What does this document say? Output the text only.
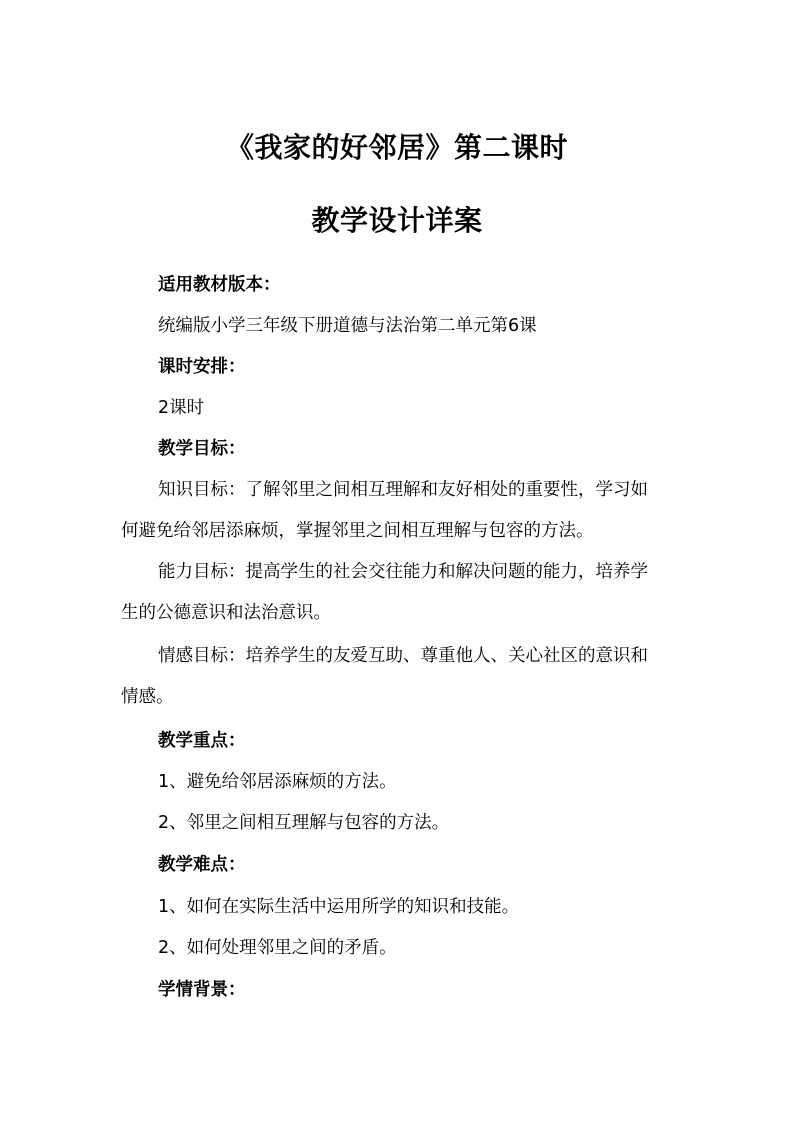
《我家的好邻居》第二课时
教学设计详案
适用教材版本：
统编版小学三年级下册道德与法治第二单元第6课
课时安排：
2课时
教学目标：
知识目标：了解邻里之间相互理解和友好相处的重要性，学习如
何避免给邻居添麻烦，掌握邻里之间相互理解与包容的方法。
能力目标：提高学生的社会交往能力和解决问题的能力，培养学
生的公德意识和法治意识。
情感目标：培养学生的友爱互助、尊重他人、关心社区的意识和
情感。
教学重点：
1、避免给邻居添麻烦的方法。
2、邻里之间相互理解与包容的方法。
教学难点：
1、如何在实际生活中运用所学的知识和技能。
2、如何处理邻里之间的矛盾。
学情背景：
